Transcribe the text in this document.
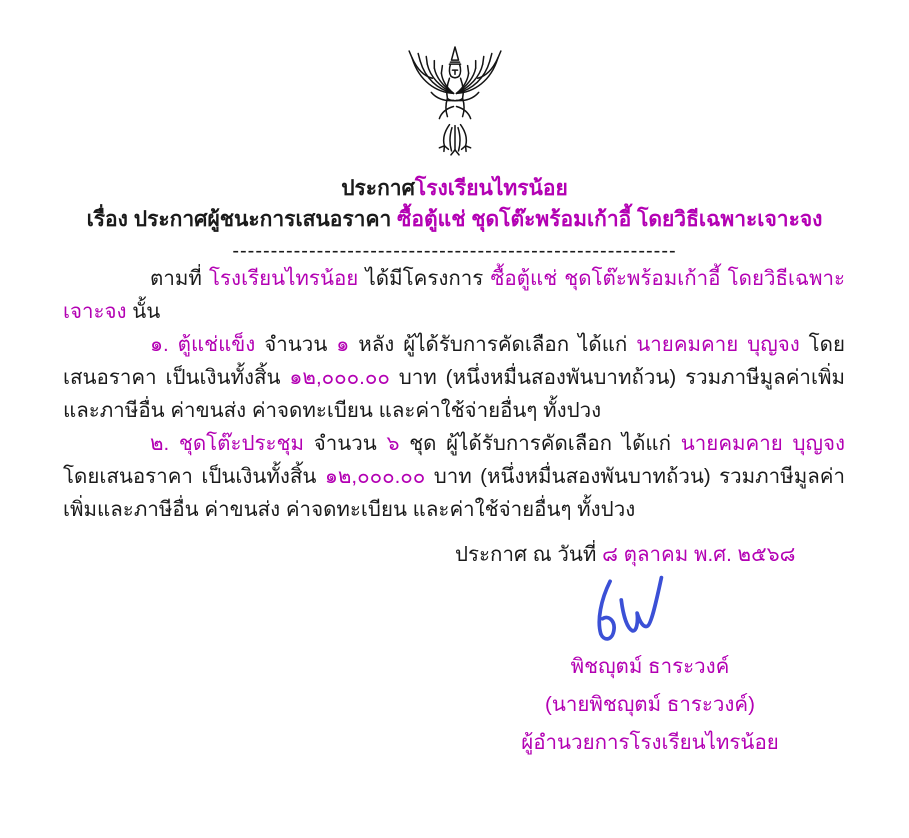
ประกาศโรงเรียนไทรน้อย
เรื่อง ประกาศผู้ชนะการเสนอราคา ซื้อตู้แช่ ชุดโต๊ะพร้อมเก้าอี้ โดยวิธีเฉพาะเจาะจง
----------------------------------------------------------

ตามที่ โรงเรียนไทรน้อย ได้มีโครงการ ซื้อตู้แช่ ชุดโต๊ะพร้อมเก้าอี้ โดยวิธีเฉพาะเจาะจง นั้น

๑. ตู้แช่แข็ง จำนวน ๑ หลัง ผู้ได้รับการคัดเลือก ได้แก่ นายคมคาย บุญจง โดยเสนอราคา เป็นเงินทั้งสิ้น ๑๒,๐๐๐.๐๐ บาท (หนึ่งหมื่นสองพันบาทถ้วน) รวมภาษีมูลค่าเพิ่มและภาษีอื่น ค่าขนส่ง ค่าจดทะเบียน และค่าใช้จ่ายอื่นๆ ทั้งปวง

๒. ชุดโต๊ะประชุม จำนวน ๖ ชุด ผู้ได้รับการคัดเลือก ได้แก่ นายคมคาย บุญจง โดยเสนอราคา เป็นเงินทั้งสิ้น ๑๒,๐๐๐.๐๐ บาท (หนึ่งหมื่นสองพันบาทถ้วน) รวมภาษีมูลค่าเพิ่มและภาษีอื่น ค่าขนส่ง ค่าจดทะเบียน และค่าใช้จ่ายอื่นๆ ทั้งปวง

ประกาศ ณ วันที่ ๘ ตุลาคม พ.ศ. ๒๕๖๘
พิชญุตม์ ธาระวงค์
(นายพิชญุตม์ ธาระวงค์)
ผู้อำนวยการโรงเรียนไทรน้อย
